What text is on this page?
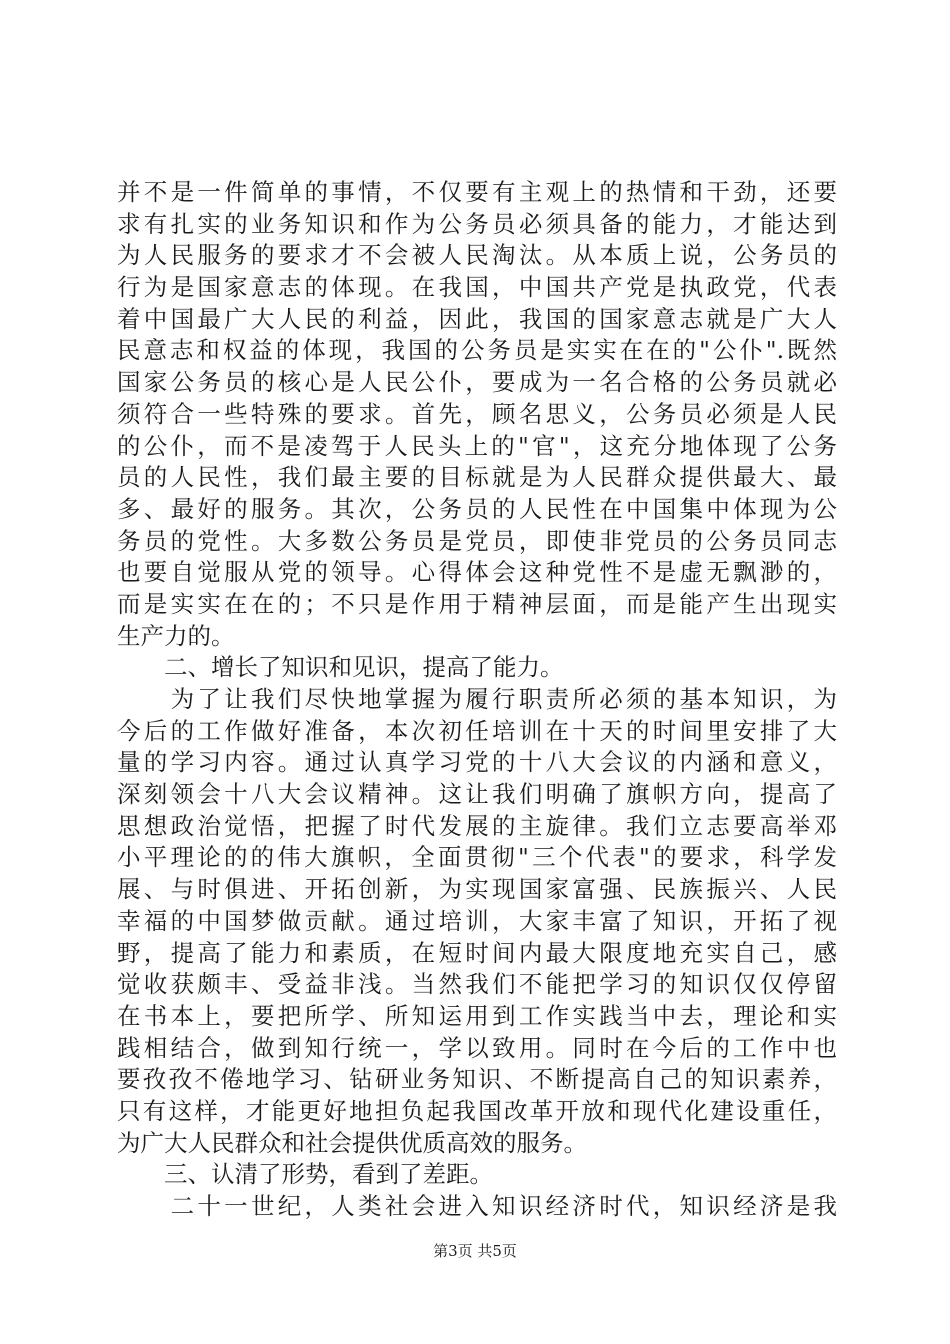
并不是一件简单的事情，不仅要有主观上的热情和干劲，还要
求有扎实的业务知识和作为公务员必须具备的能力，才能达到
为人民服务的要求才不会被人民淘汰。从本质上说，公务员的
行为是国家意志的体现。在我国，中国共产党是执政党，代表
着中国最广大人民的利益，因此，我国的国家意志就是广大人
民意志和权益的体现，我国的公务员是实实在在的"公仆".既然
国家公务员的核心是人民公仆，要成为一名合格的公务员就必
须符合一些特殊的要求。首先，顾名思义，公务员必须是人民
的公仆，而不是凌驾于人民头上的"官"，这充分地体现了公务
员的人民性，我们最主要的目标就是为人民群众提供最大、最
多、最好的服务。其次，公务员的人民性在中国集中体现为公
务员的党性。大多数公务员是党员，即使非党员的公务员同志
也要自觉服从党的领导。心得体会这种党性不是虚无飘渺的，
而是实实在在的；不只是作用于精神层面，而是能产生出现实
生产力的。
　　二、增长了知识和见识，提高了能力。
　　为了让我们尽快地掌握为履行职责所必须的基本知识，为
今后的工作做好准备，本次初任培训在十天的时间里安排了大
量的学习内容。通过认真学习党的十八大会议的内涵和意义，
深刻领会十八大会议精神。这让我们明确了旗帜方向，提高了
思想政治觉悟，把握了时代发展的主旋律。我们立志要高举邓
小平理论的的伟大旗帜，全面贯彻"三个代表"的要求，科学发
展、与时俱进、开拓创新，为实现国家富强、民族振兴、人民
幸福的中国梦做贡献。通过培训，大家丰富了知识，开拓了视
野，提高了能力和素质，在短时间内最大限度地充实自己，感
觉收获颇丰、受益非浅。当然我们不能把学习的知识仅仅停留
在书本上，要把所学、所知运用到工作实践当中去，理论和实
践相结合，做到知行统一，学以致用。同时在今后的工作中也
要孜孜不倦地学习、钻研业务知识、不断提高自己的知识素养，
只有这样，才能更好地担负起我国改革开放和现代化建设重任，
为广大人民群众和社会提供优质高效的服务。
　　三、认清了形势，看到了差距。
　　二十一世纪，人类社会进入知识经济时代，知识经济是我
第3页 共5页
